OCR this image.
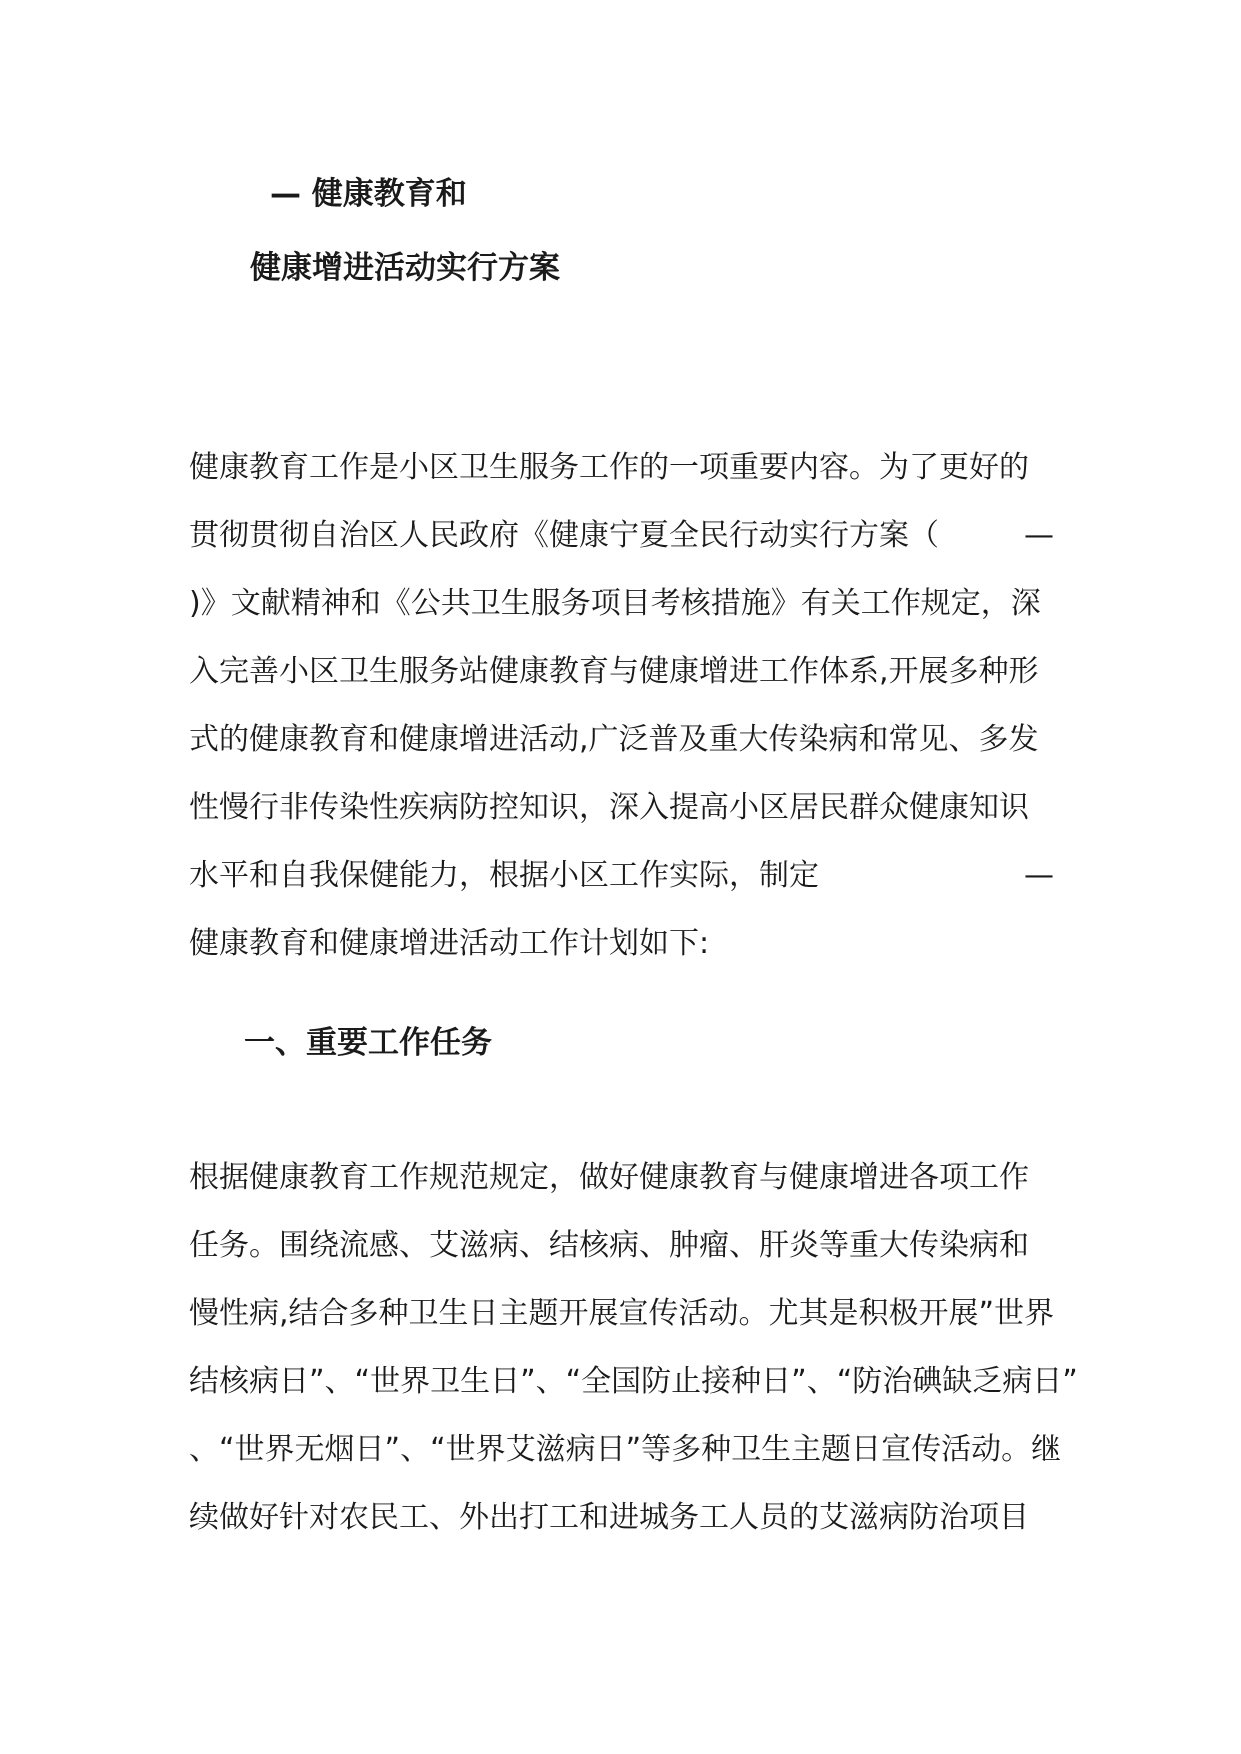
— 健康教育和
健康增进活动实行方案
健康教育工作是小区卫生服务工作的一项重要内容。为了更好的
贯彻贯彻自治区人民政府《健康宁夏全民行动实行方案（	—
)》文献精神和《公共卫生服务项目考核措施》有关工作规定，深
入完善小区卫生服务站健康教育与健康增进工作体系,开展多种形
式的健康教育和健康增进活动,广泛普及重大传染病和常见、多发
性慢行非传染性疾病防控知识，深入提高小区居民群众健康知识
水平和自我保健能力，根据小区工作实际，制定	—
健康教育和健康增进活动工作计划如下:
一、重要工作任务
根据健康教育工作规范规定，做好健康教育与健康增进各项工作
任务。围绕流感、艾滋病、结核病、肿瘤、肝炎等重大传染病和
慢性病,结合多种卫生日主题开展宣传活动。尤其是积极开展”世界
结核病日”、“世界卫生日”、“全国防止接种日”、“防治碘缺乏病日”
、“世界无烟日”、“世界艾滋病日”等多种卫生主题日宣传活动。继
续做好针对农民工、外出打工和进城务工人员的艾滋病防治项目
